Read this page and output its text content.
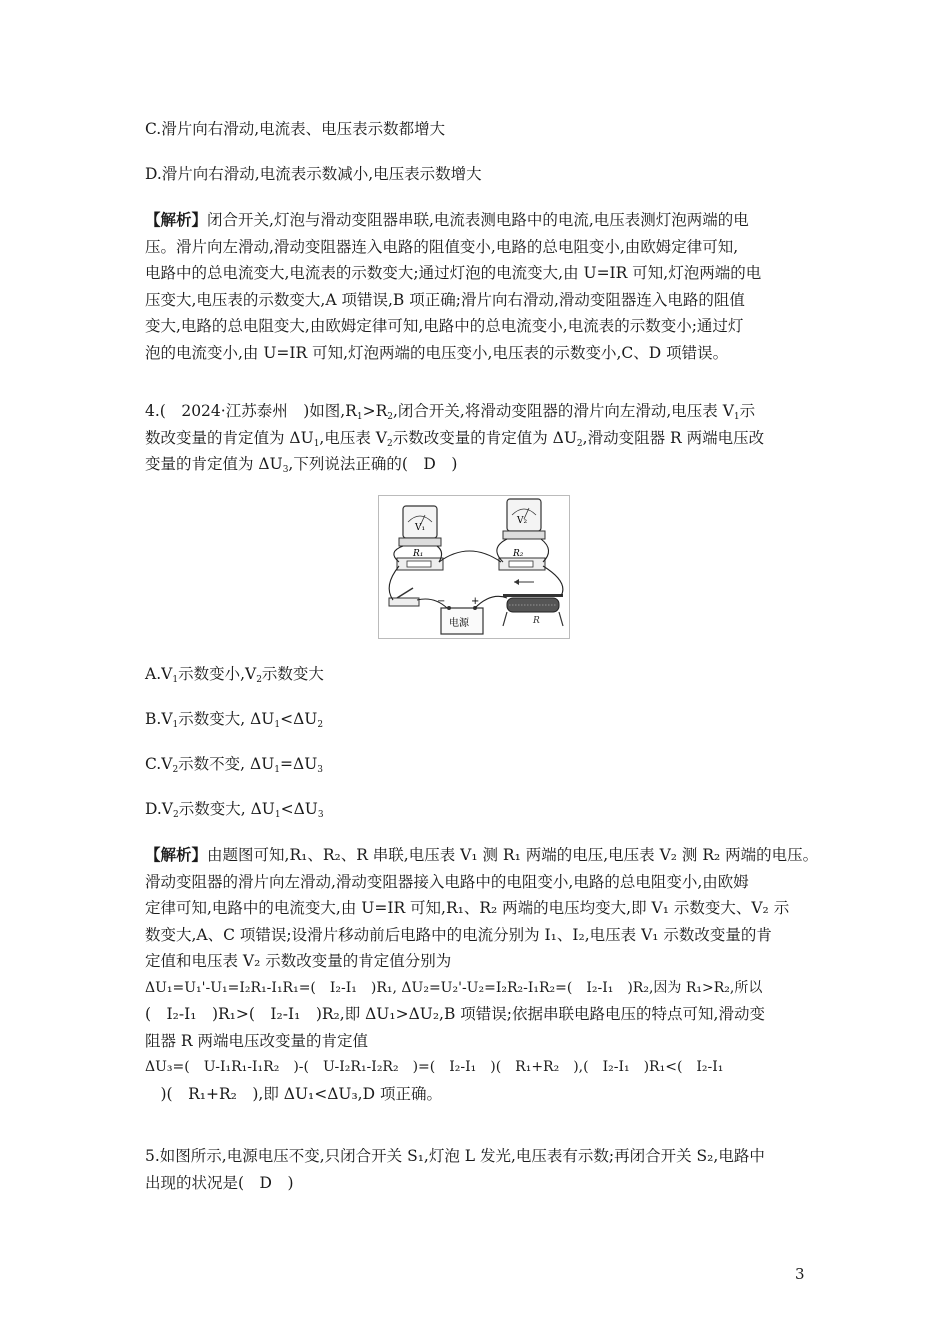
C.滑片向右滑动,电流表、电压表示数都增大
D.滑片向右滑动,电流表示数减小,电压表示数增大
【解析】闭合开关,灯泡与滑动变阻器串联,电流表测电路中的电流,电压表测灯泡两端的电
压。滑片向左滑动,滑动变阻器连入电路的阻值变小,电路的总电阻变小,由欧姆定律可知,
电路中的总电流变大,电流表的示数变大;通过灯泡的电流变大,由 U=IR 可知,灯泡两端的电
压变大,电压表的示数变大,A 项错误,B 项正确;滑片向右滑动,滑动变阻器连入电路的阻值
变大,电路的总电阻变大,由欧姆定律可知,电路中的总电流变小,电流表的示数变小;通过灯
泡的电流变小,由 U=IR 可知,灯泡两端的电压变小,电压表的示数变小,C、D 项错误。
4.(　2024·江苏泰州　)如图$,R_1>R_2$,闭合开关,将滑动变阻器的滑片向左滑动,电压表 $V_1$示
数改变量的肯定值为 $\Delta U_1$,电压表 $V_2$示数改变量的肯定值为 $\Delta U_2$,滑动变阻器 R 两端电压改
变量的肯定值为 $\Delta U_3$,下列说法正确的(　D　)
V₁
V₂
R₁	R₂
电源
−	+
R
$A.V_1$示数变小$,V_2$示数变大
$B.V_1$示数变大, $\Delta U_1<\Delta U_2$
$C.V_2$示数不变, $\Delta U_1=\Delta U_3$
$D.V_2$示数变大, $\Delta U_1<\Delta U_3$
【解析】由题图可知,R₁、R₂、R 串联,电压表 V₁ 测 R₁ 两端的电压,电压表 V₂ 测 R₂ 两端的电压。
滑动变阻器的滑片向左滑动,滑动变阻器接入电路中的电阻变小,电路的总电阻变小,由欧姆
定律可知,电路中的电流变大,由 U=IR 可知,R₁、R₂ 两端的电压均变大,即 V₁ 示数变大、V₂ 示
数变大,A、C 项错误;设滑片移动前后电路中的电流分别为 I₁、I₂,电压表 V₁ 示数改变量的肯
定值和电压表 V₂ 示数改变量的肯定值分别为
ΔU₁=U₁'-U₁=I₂R₁-I₁R₁=(　I₂-I₁　)R₁, ΔU₂=U₂'-U₂=I₂R₂-I₁R₂=(　I₂-I₁　)R₂,因为 R₁>R₂,所以
(　I₂-I₁　)R₁>(　I₂-I₁　)R₂,即 ΔU₁>ΔU₂,B 项错误;依据串联电路电压的特点可知,滑动变
阻器 R 两端电压改变量的肯定值
ΔU₃=(　U-I₁R₁-I₁R₂　)-(　U-I₂R₁-I₂R₂　)=(　I₂-I₁　)(　R₁+R₂　),(　I₂-I₁　)R₁<(　I₂-I₁
　)(　R₁+R₂　),即 ΔU₁<ΔU₃,D 项正确。
5.如图所示,电源电压不变,只闭合开关 S₁,灯泡 L 发光,电压表有示数;再闭合开关 S₂,电路中
出现的状况是(　D　)
3
